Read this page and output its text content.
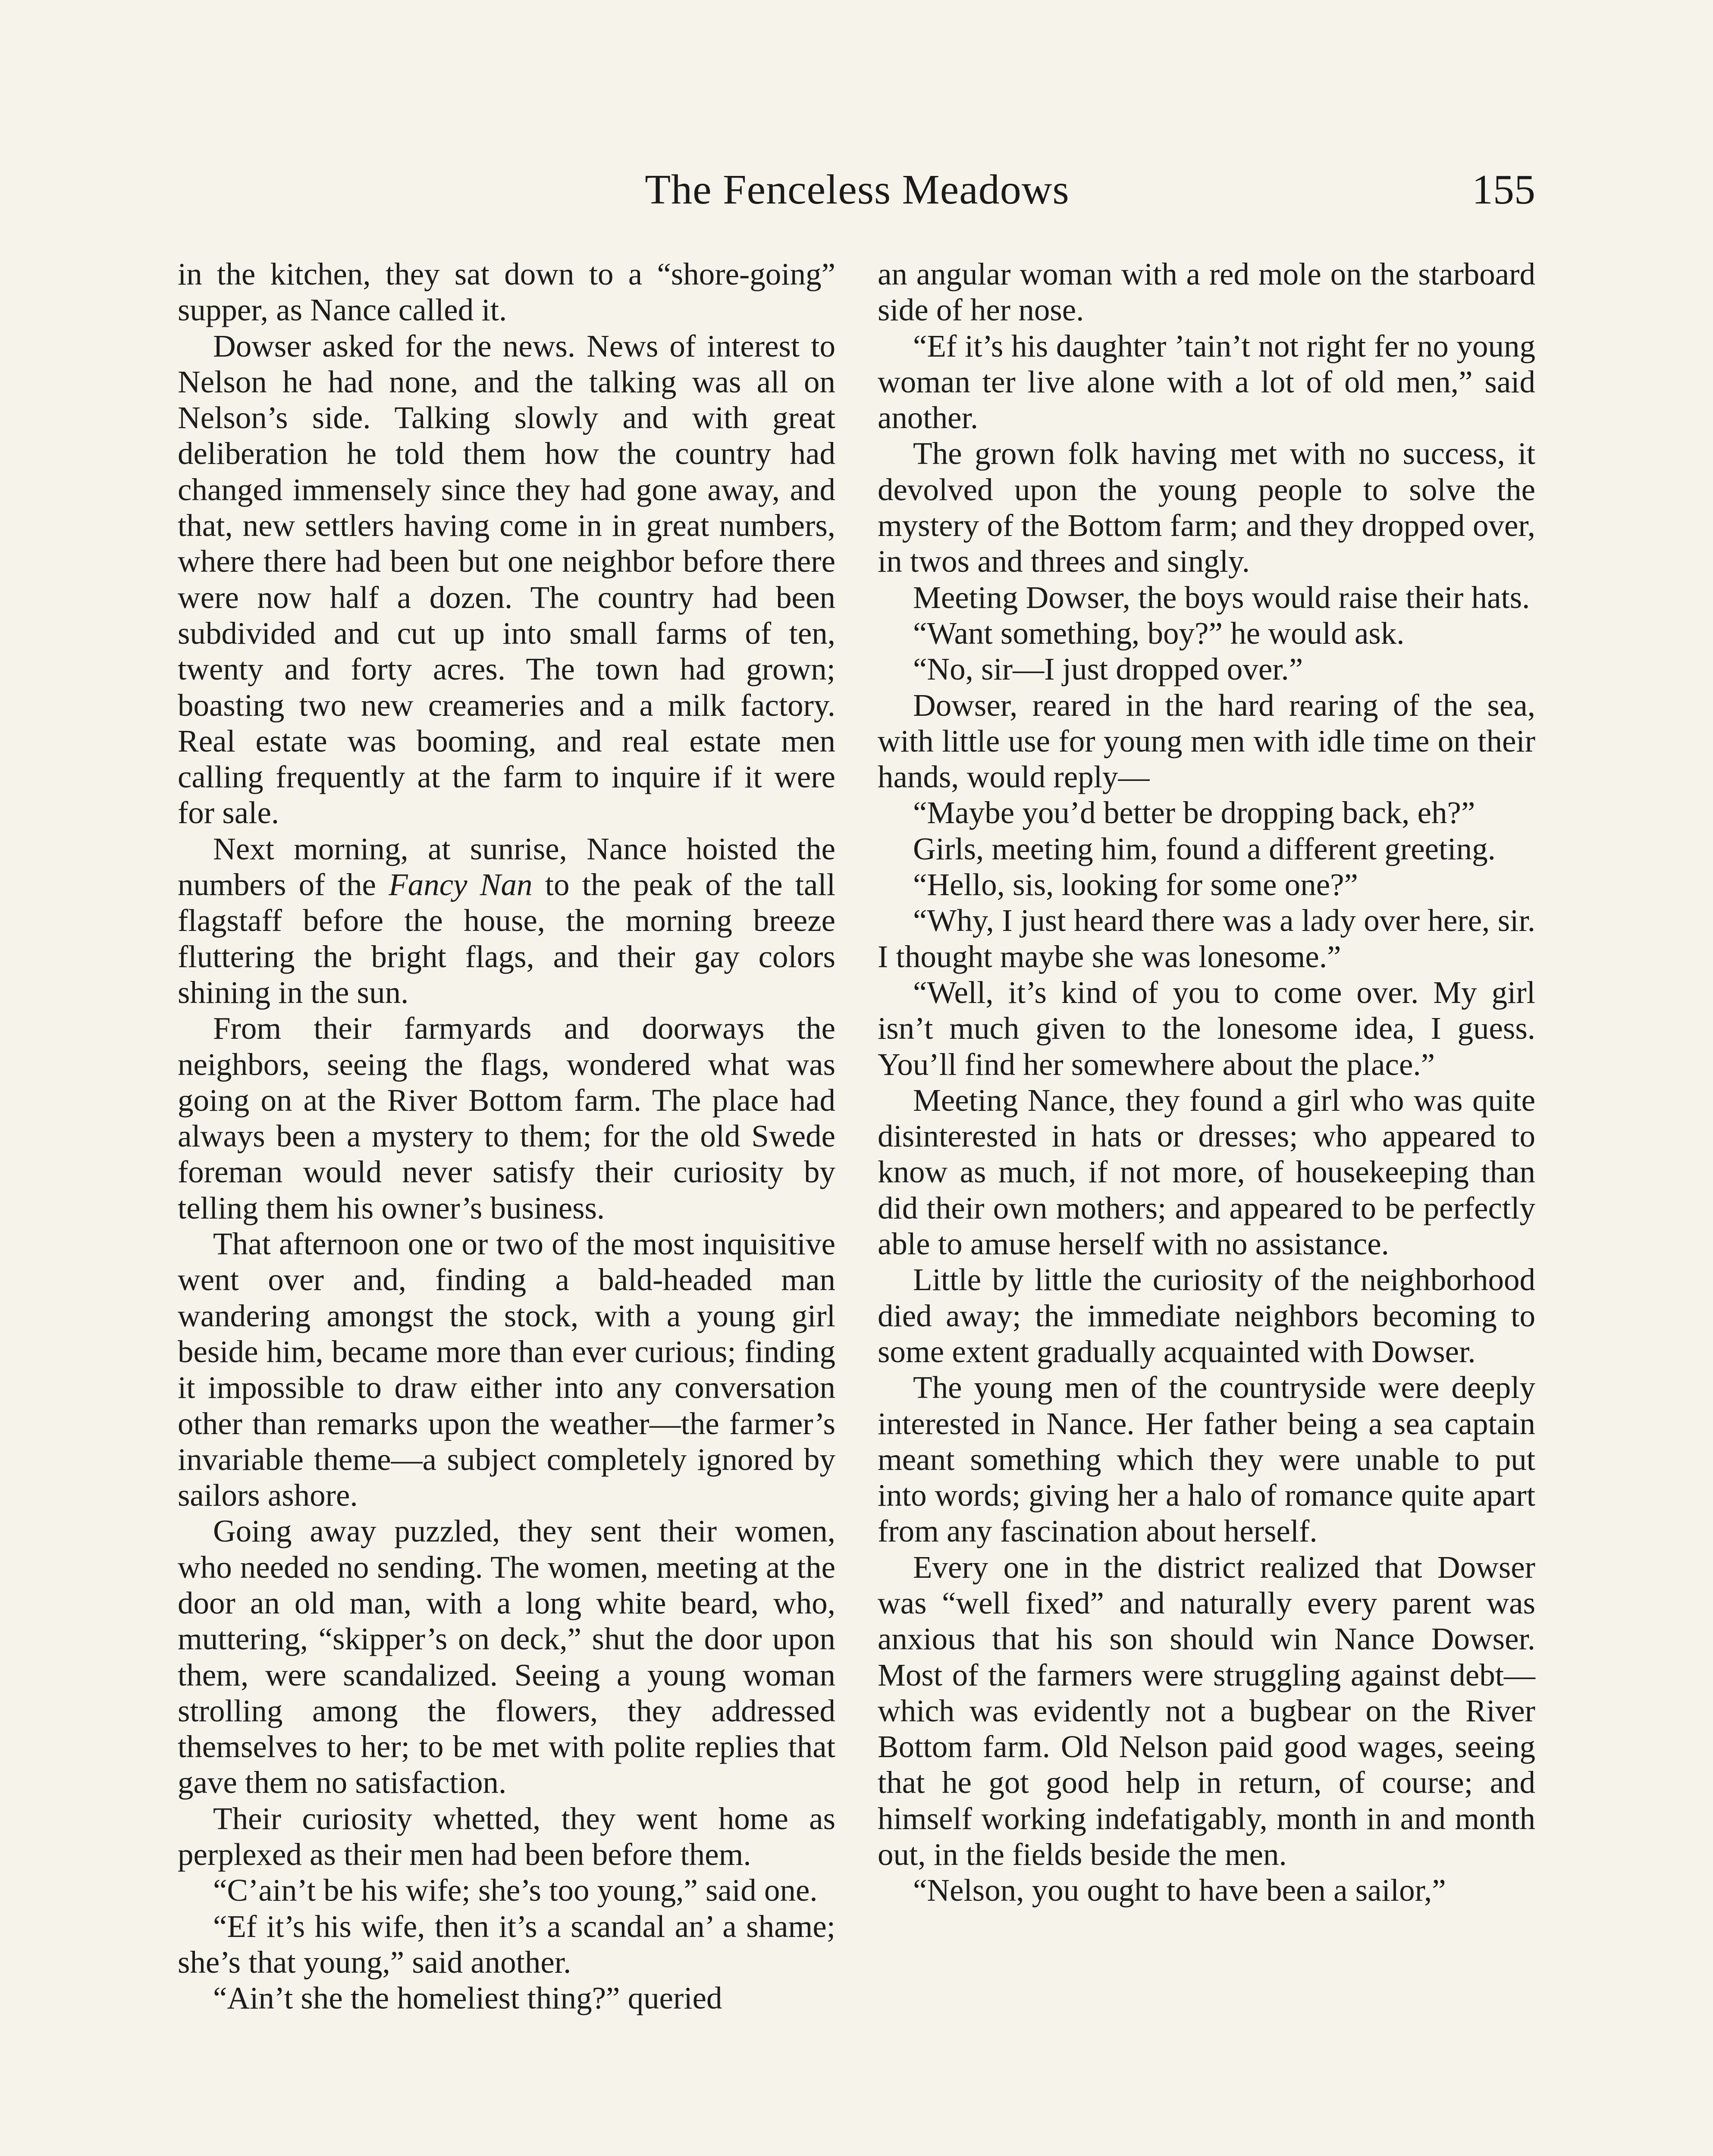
The Fenceless Meadows	155

in the kitchen, they sat down to a “shore-going” supper, as Nance called it.

Dowser asked for the news. News of interest to Nelson he had none, and the talking was all on Nelson’s side. Talking slowly and with great deliberation he told them how the country had changed immensely since they had gone away, and that, new settlers having come in in great numbers, where there had been but one neighbor before there were now half a dozen. The country had been subdivided and cut up into small farms of ten, twenty and forty acres. The town had grown; boasting two new creameries and a milk factory. Real estate was booming, and real estate men calling frequently at the farm to inquire if it were for sale.

Next morning, at sunrise, Nance hoisted the numbers of the Fancy Nan to the peak of the tall flagstaff before the house, the morning breeze fluttering the bright flags, and their gay colors shining in the sun.

From their farmyards and doorways the neighbors, seeing the flags, wondered what was going on at the River Bottom farm. The place had always been a mystery to them; for the old Swede foreman would never satisfy their curiosity by telling them his owner’s business.

That afternoon one or two of the most inquisitive went over and, finding a bald-headed man wandering amongst the stock, with a young girl beside him, became more than ever curious; finding it impossible to draw either into any conversation other than remarks upon the weather—the farmer’s invariable theme—a subject completely ignored by sailors ashore.

Going away puzzled, they sent their women, who needed no sending. The women, meeting at the door an old man, with a long white beard, who, muttering, “skipper’s on deck,” shut the door upon them, were scandalized. Seeing a young woman strolling among the flowers, they addressed themselves to her; to be met with polite replies that gave them no satisfaction.

Their curiosity whetted, they went home as perplexed as their men had been before them.

“C’ain’t be his wife; she’s too young,” said one.

“Ef it’s his wife, then it’s a scandal an’ a shame; she’s that young,” said another.

“Ain’t she the homeliest thing?” queried

an angular woman with a red mole on the starboard side of her nose.

“Ef it’s his daughter ’tain’t not right fer no young woman ter live alone with a lot of old men,” said another.

The grown folk having met with no success, it devolved upon the young people to solve the mystery of the Bottom farm; and they dropped over, in twos and threes and singly.

Meeting Dowser, the boys would raise their hats.

“Want something, boy?” he would ask.

“No, sir—I just dropped over.”

Dowser, reared in the hard rearing of the sea, with little use for young men with idle time on their hands, would reply—

“Maybe you’d better be dropping back, eh?”

Girls, meeting him, found a different greeting.

“Hello, sis, looking for some one?”

“Why, I just heard there was a lady over here, sir. I thought maybe she was lonesome.”

“Well, it’s kind of you to come over. My girl isn’t much given to the lonesome idea, I guess. You’ll find her somewhere about the place.”

Meeting Nance, they found a girl who was quite disinterested in hats or dresses; who appeared to know as much, if not more, of housekeeping than did their own mothers; and appeared to be perfectly able to amuse herself with no assistance.

Little by little the curiosity of the neighborhood died away; the immediate neighbors becoming to some extent gradually acquainted with Dowser.

The young men of the countryside were deeply interested in Nance. Her father being a sea captain meant something which they were unable to put into words; giving her a halo of romance quite apart from any fascination about herself.

Every one in the district realized that Dowser was “well fixed” and naturally every parent was anxious that his son should win Nance Dowser. Most of the farmers were struggling against debt—which was evidently not a bugbear on the River Bottom farm. Old Nelson paid good wages, seeing that he got good help in return, of course; and himself working indefatigably, month in and month out, in the fields beside the men.

“Nelson, you ought to have been a sailor,”
